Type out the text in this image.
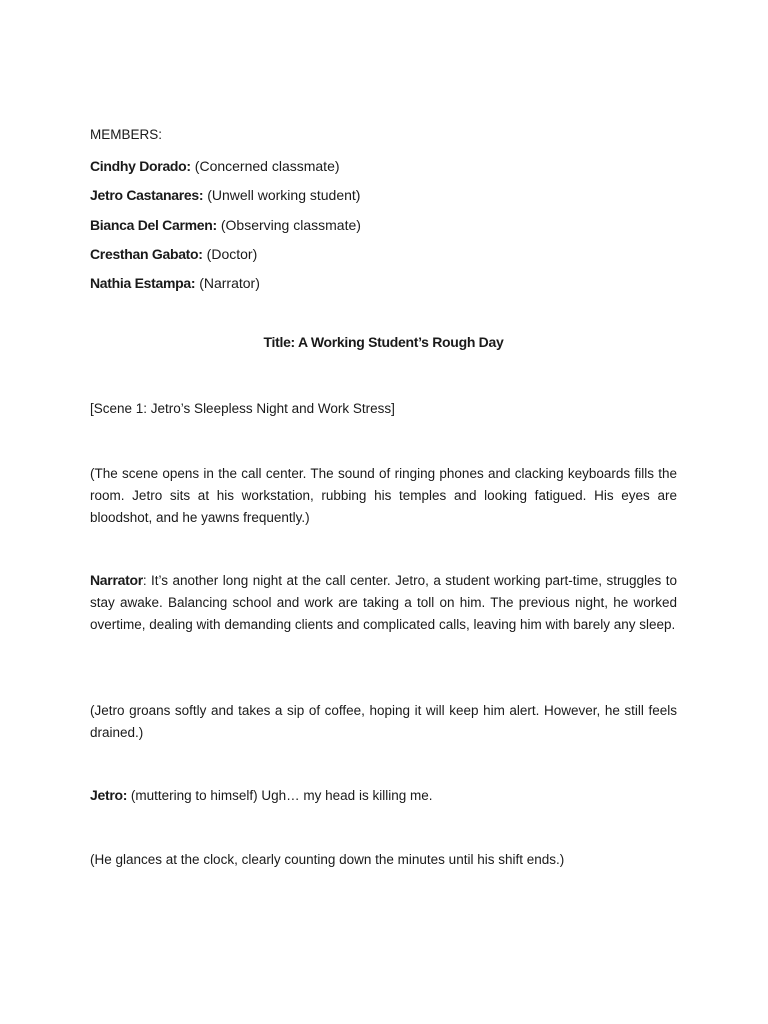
MEMBERS:
Cindhy Dorado: (Concerned classmate)
Jetro Castanares: (Unwell working student)
Bianca Del Carmen: (Observing classmate)
Cresthan Gabato: (Doctor)
Nathia Estampa: (Narrator)
Title: A Working Student’s Rough Day
[Scene 1: Jetro’s Sleepless Night and Work Stress]
(The scene opens in the call center. The sound of ringing phones and clacking keyboards fills the room. Jetro sits at his workstation, rubbing his temples and looking fatigued. His eyes are bloodshot, and he yawns frequently.)
Narrator: It’s another long night at the call center. Jetro, a student working part-time, struggles to stay awake. Balancing school and work are taking a toll on him. The previous night, he worked overtime, dealing with demanding clients and complicated calls, leaving him with barely any sleep.
(Jetro groans softly and takes a sip of coffee, hoping it will keep him alert. However, he still feels drained.)
Jetro: (muttering to himself) Ugh… my head is killing me.
(He glances at the clock, clearly counting down the minutes until his shift ends.)
